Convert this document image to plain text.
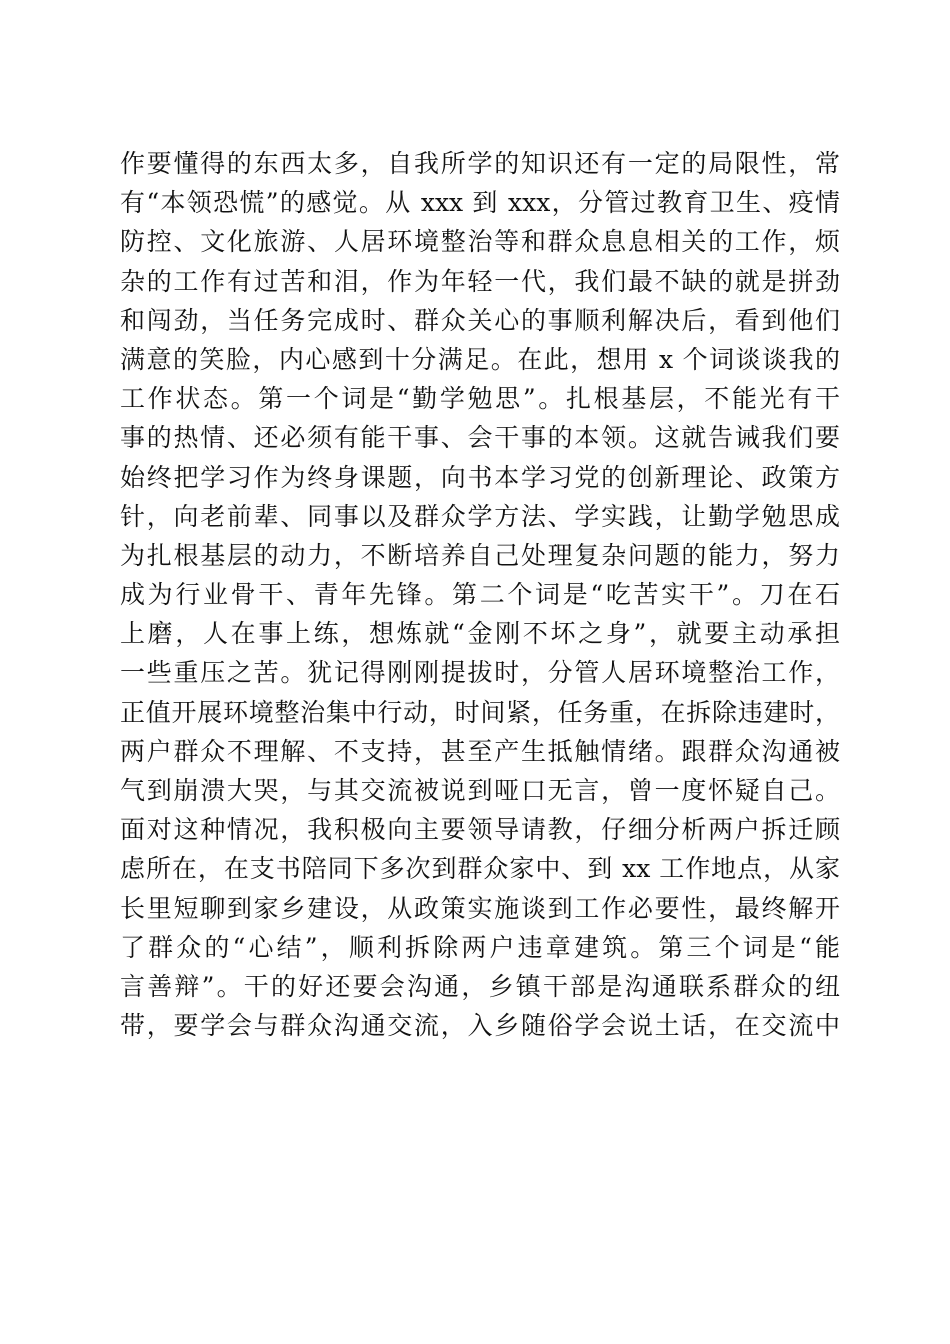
作要懂得的东西太多，自我所学的知识还有一定的局限性，常
有“本领恐慌”的感觉。从 xxx 到 xxx，分管过教育卫生、疫情
防控、文化旅游、人居环境整治等和群众息息相关的工作，烦
杂的工作有过苦和泪，作为年轻一代，我们最不缺的就是拼劲
和闯劲，当任务完成时、群众关心的事顺利解决后，看到他们
满意的笑脸，内心感到十分满足。在此，想用 x 个词谈谈我的
工作状态。第一个词是“勤学勉思”。扎根基层，不能光有干
事的热情、还必须有能干事、会干事的本领。这就告诫我们要
始终把学习作为终身课题，向书本学习党的创新理论、政策方
针，向老前辈、同事以及群众学方法、学实践，让勤学勉思成
为扎根基层的动力，不断培养自己处理复杂问题的能力，努力
成为行业骨干、青年先锋。第二个词是“吃苦实干”。刀在石
上磨，人在事上练，想炼就“金刚不坏之身”，就要主动承担
一些重压之苦。犹记得刚刚提拔时，分管人居环境整治工作，
正值开展环境整治集中行动，时间紧，任务重，在拆除违建时，
两户群众不理解、不支持，甚至产生抵触情绪。跟群众沟通被
气到崩溃大哭，与其交流被说到哑口无言，曾一度怀疑自己。
面对这种情况，我积极向主要领导请教，仔细分析两户拆迁顾
虑所在，在支书陪同下多次到群众家中、到 xx 工作地点，从家
长里短聊到家乡建设，从政策实施谈到工作必要性，最终解开
了群众的“心结”，顺利拆除两户违章建筑。第三个词是“能
言善辩”。干的好还要会沟通，乡镇干部是沟通联系群众的纽
带，要学会与群众沟通交流，入乡随俗学会说土话，在交流中
